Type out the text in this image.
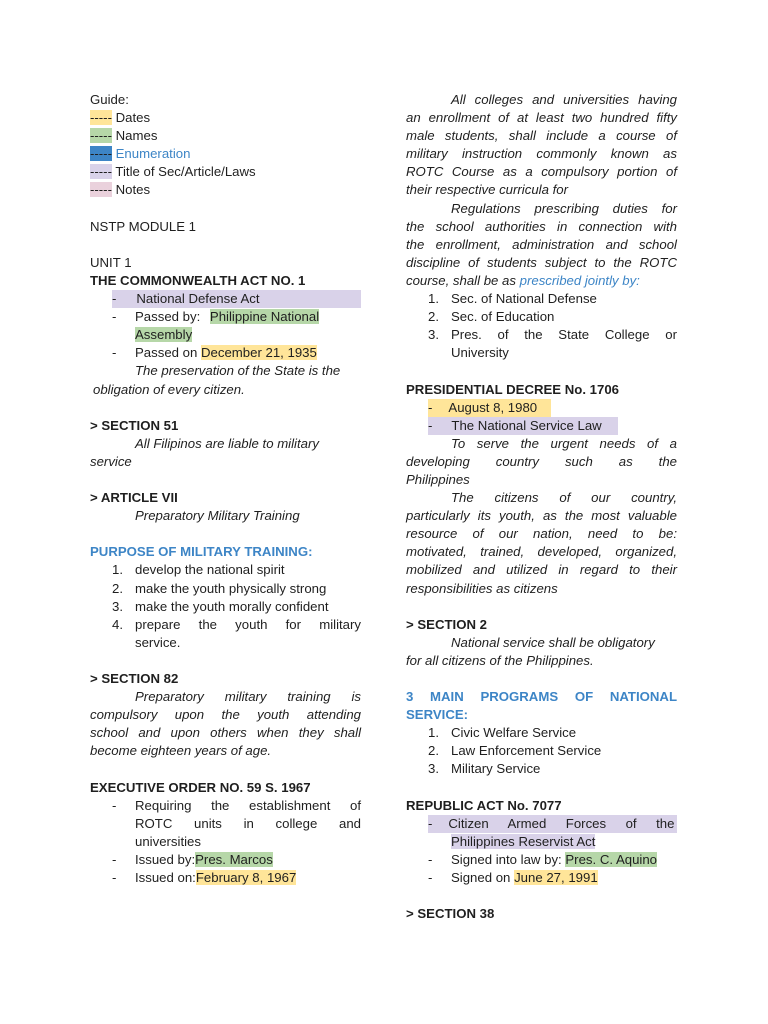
Guide:
----- Dates
----- Names
----- Enumeration
----- Title of Sec/Article/Laws
----- Notes
NSTP MODULE 1
UNIT 1
THE COMMONWEALTH ACT NO. 1
- National Defense Act
- Passed by: Philippine National
Assembly
- Passed on December 21, 1935
The preservation of the State is the
obligation of every citizen.
> SECTION 51
All Filipinos are liable to military
service
> ARTICLE VII
Preparatory Military Training
PURPOSE OF MILITARY TRAINING:
1. develop the national spirit
2. make the youth physically strong
3. make the youth morally confident
4. prepare the youth for military
service.
> SECTION 82
Preparatory military training is
compulsory upon the youth attending
school and upon others when they shall
become eighteen years of age.
EXECUTIVE ORDER NO. 59 S. 1967
- Requiring the establishment of
ROTC units in college and
universities
- Issued by:Pres. Marcos
- Issued on:February 8, 1967
All colleges and universities having
an enrollment of at least two hundred fifty
male students, shall include a course of
military instruction commonly known as
ROTC Course as a compulsory portion of
their respective curricula for
Regulations prescribing duties for
the school authorities in connection with
the enrollment, administration and school
discipline of students subject to the ROTC
course, shall be as prescribed jointly by:
1. Sec. of National Defense
2. Sec. of Education
3. Pres. of the State College or
University
PRESIDENTIAL DECREE No. 1706
- August 8, 1980
- The National Service Law
To serve the urgent needs of a
developing country such as the
Philippines
The citizens of our country,
particularly its youth, as the most valuable
resource of our nation, need to be:
motivated, trained, developed, organized,
mobilized and utilized in regard to their
responsibilities as citizens
> SECTION 2
National service shall be obligatory
for all citizens of the Philippines.
3 MAIN PROGRAMS OF NATIONAL
SERVICE:
1. Civic Welfare Service
2. Law Enforcement Service
3. Military Service
REPUBLIC ACT No. 7077
- Citizen Armed Forces of the
Philippines Reservist Act
- Signed into law by: Pres. C. Aquino
- Signed on June 27, 1991
> SECTION 38
